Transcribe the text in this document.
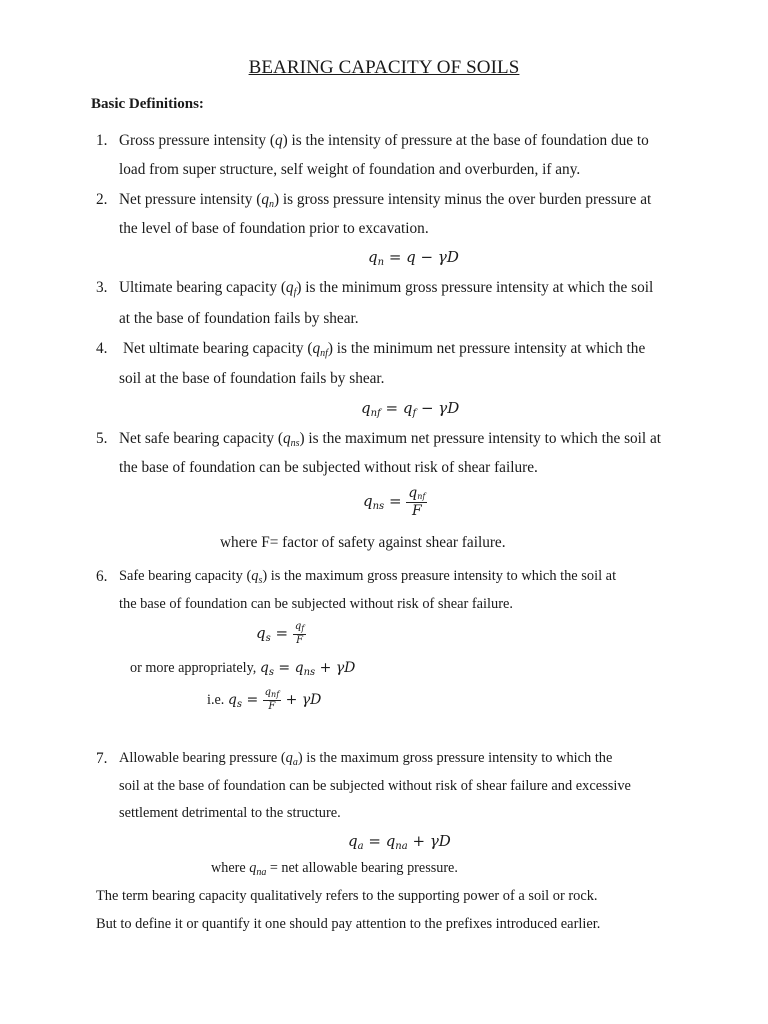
BEARING CAPACITY OF SOILS
Basic Definitions:
1. Gross pressure intensity (q) is the intensity of pressure at the base of foundation due to
load from super structure, self weight of foundation and overburden, if any.
2. Net pressure intensity $(q_n)$ is gross pressure intensity minus the over burden pressure at
the level of base of foundation prior to excavation.
$q_n = q - \gamma D$
3. Ultimate bearing capacity $(q_f)$ is the minimum gross pressure intensity at which the soil
at the base of foundation fails by shear.
4. Net ultimate bearing capacity $(q_{nf})$ is the minimum net pressure intensity at which the
soil at the base of foundation fails by shear.
$q_{nf} = q_f - \gamma D$
5. Net safe bearing capacity $(q_{ns})$ is the maximum net pressure intensity to which the soil at
the base of foundation can be subjected without risk of shear failure.
$q_{ns} = \frac{q_{nf}}{F}$
where F= factor of safety against shear failure.
6. Safe bearing capacity $(q_s)$ is the maximum gross preasure intensity to which the soil at
the base of foundation can be subjected without risk of shear failure.
$q_s = \frac{q_f}{F}$
or more appropriately, $q_s = q_{ns} + \gamma D$
i.e. $q_s = \frac{q_{nf}}{F} + \gamma D$
7. Allowable bearing pressure $(q_a)$ is the maximum gross pressure intensity to which the
soil at the base of foundation can be subjected without risk of shear failure and excessive
settlement detrimental to the structure.
$q_a = q_{na} + \gamma D$
where $q_{na}$ = net allowable bearing pressure.
The term bearing capacity qualitatively refers to the supporting power of a soil or rock.
But to define it or quantify it one should pay attention to the prefixes introduced earlier.
